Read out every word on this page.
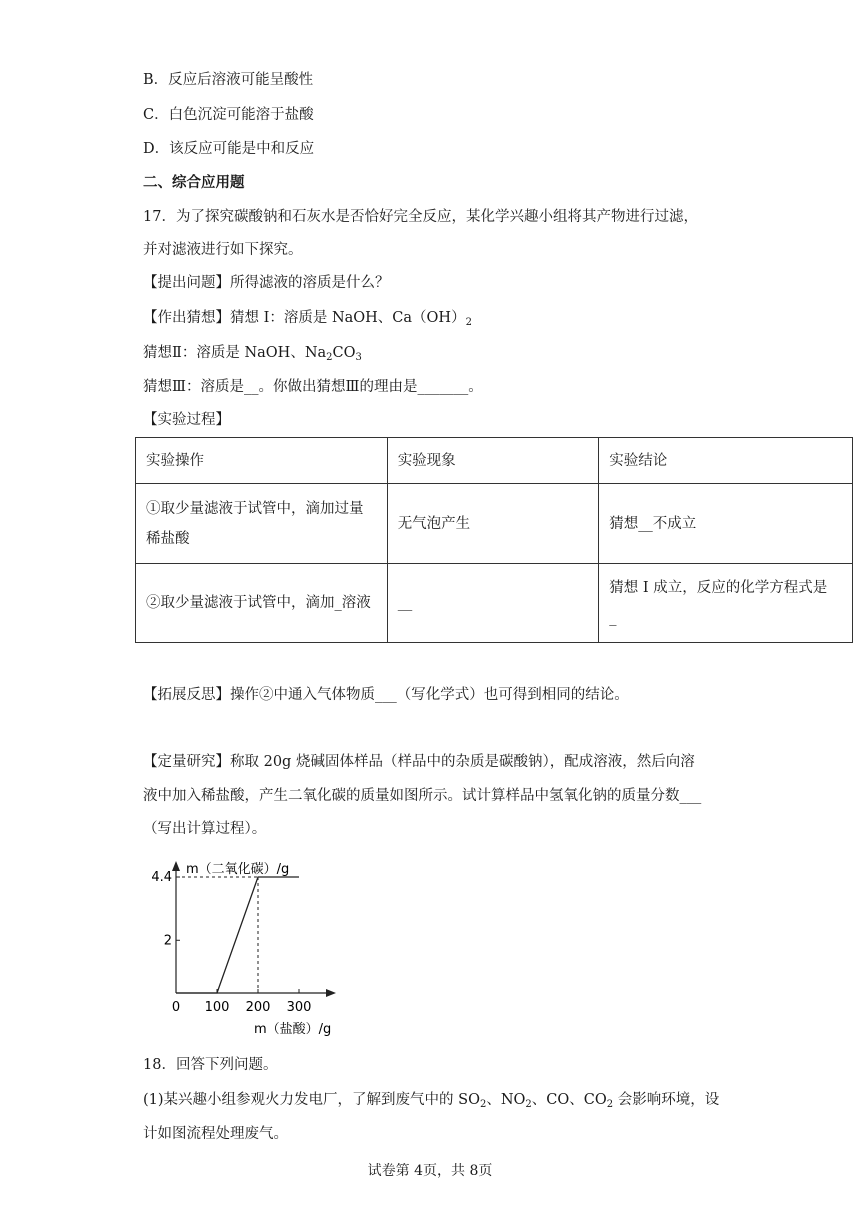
B．反应后溶液可能呈酸性
C．白色沉淀可能溶于盐酸
D．该反应可能是中和反应
二、综合应用题
17．为了探究碳酸钠和石灰水是否恰好完全反应，某化学兴趣小组将其产物进行过滤，
并对滤液进行如下探究。
【提出问题】所得滤液的溶质是什么？
【作出猜想】猜想 I：溶质是 NaOH、$Ca(OH)_2$
猜想Ⅱ：溶质是 NaOH、$Na_2CO_3$
猜想Ⅲ：溶质是__。你做出猜想Ⅲ的理由是_______。
【实验过程】
实验操作	实验现象	实验结论

①取少量滤液于试管中，滴加过量
稀盐酸	无气泡产生	猜想__不成立
②取少量滤液于试管中，滴加_溶液	__	猜想 I 成立，反应的化学方程式是
_
【拓展反思】操作②中通入气体物质___（写化学式）也可得到相同的结论。
【定量研究】称取 20g 烧碱固体样品（样品中的杂质是碳酸钠），配成溶液，然后向溶
液中加入稀盐酸，产生二氧化碳的质量如图所示。试计算样品中氢氧化钠的质量分数___
（写出计算过程）。
m（二氧化碳）/g
m（盐酸）/g
0 100 200 300
2
4.4
18．回答下列问题。
(1)某兴趣小组参观火力发电厂，了解到废气中的 $SO_2$、$NO_2$、CO、$CO_2$ 会影响环境，设
计如图流程处理废气。
试卷第 4页，共 8页
